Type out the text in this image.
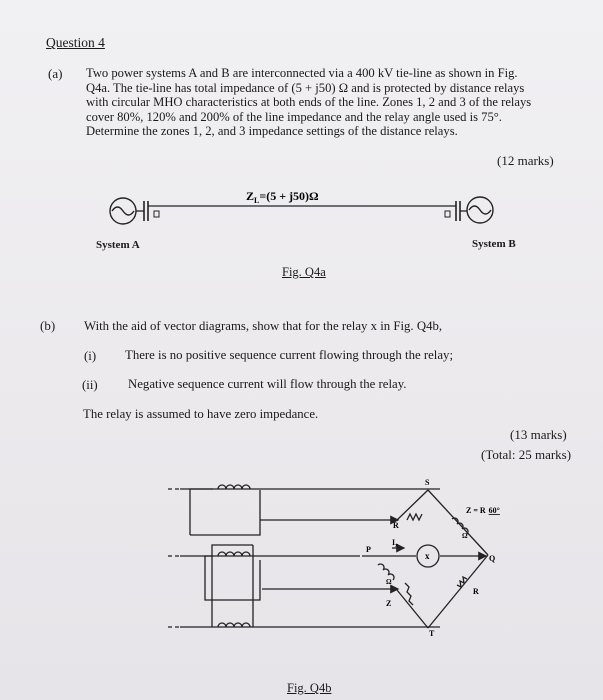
Question 4
(a) Two power systems A and B are interconnected via a 400 kV tie-line as shown in Fig.
Q4a. The tie-line has total impedance of (5 + j50) Ω and is protected by distance relays
with circular MHO characteristics at both ends of the line. Zones 1, 2 and 3 of the relays
cover 80%, 120% and 200% of the line impedance and the relay angle used is 75°.
Determine the zones 1, 2, and 3 impedance settings of the distance relays.
(12 marks)
$Z_L=(5 + j50)\Omega$
System A	System B
Fig. Q4a
(b) With the aid of vector diagrams, show that for the relay x in Fig. Q4b,
(i) There is no positive sequence current flowing through the relay;
(ii) Negative sequence current will flow through the relay.
The relay is assumed to have zero impedance.
(13 marks)
(Total: 25 marks)
S
R
P
$I_x$
x	Q
Z
T
R
Z = R 60°
Ω
Ω
Fig. Q4b
